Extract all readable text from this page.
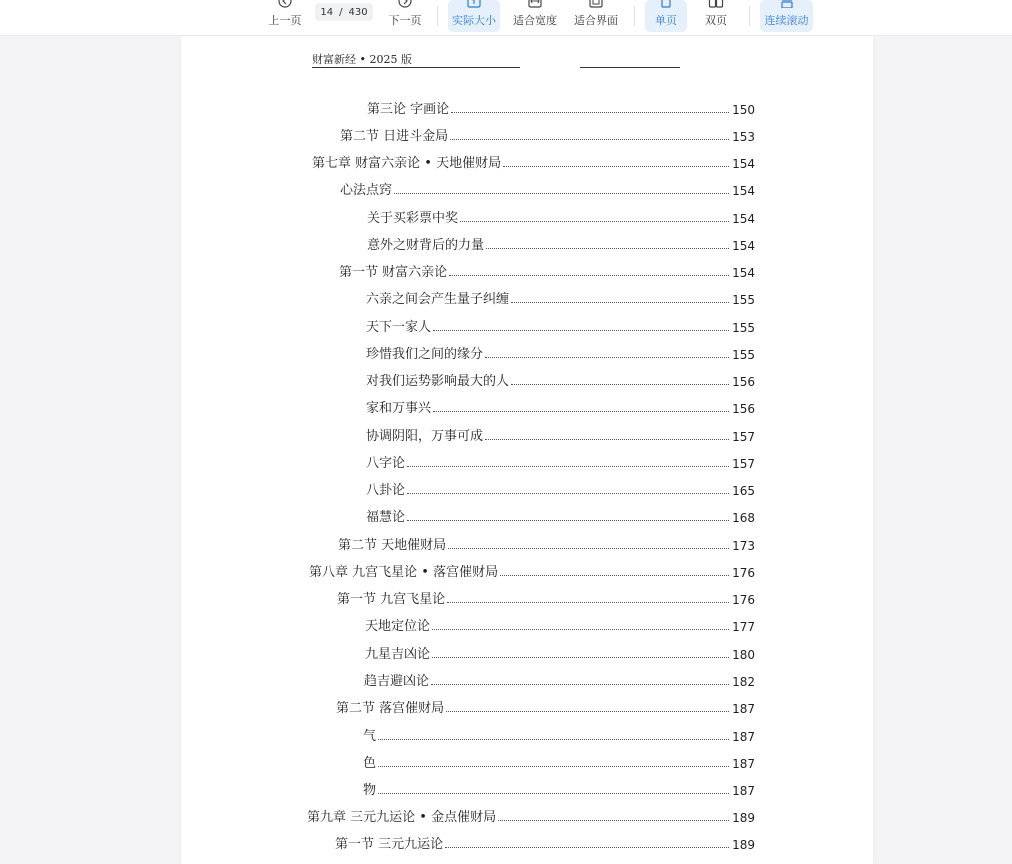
上一页
14 / 430
下一页	实际大小 适合宽度 适合界面	单页	双页	连续滚动
财富新经 • 2025 版
第三论 字画论	150
第二节 日进斗金局	153
第七章 财富六亲论 • 天地催财局	154
心法点窍	154
关于买彩票中奖	154
意外之财背后的力量	154
第一节 财富六亲论	154
六亲之间会产生量子纠缠	155
天下一家人	155
珍惜我们之间的缘分	155
对我们运势影响最大的人	156
家和万事兴	156
协调阴阳，万事可成	157
八字论	157
八卦论	165
福慧论	168
第二节 天地催财局	173
第八章 九宫飞星论 • 落宫催财局	176
第一节 九宫飞星论	176
天地定位论	177
九星吉凶论	180
趋吉避凶论	182
第二节 落宫催财局	187
气	187
色	187
物	187
第九章 三元九运论 • 金点催财局	189
第一节 三元九运论	189
